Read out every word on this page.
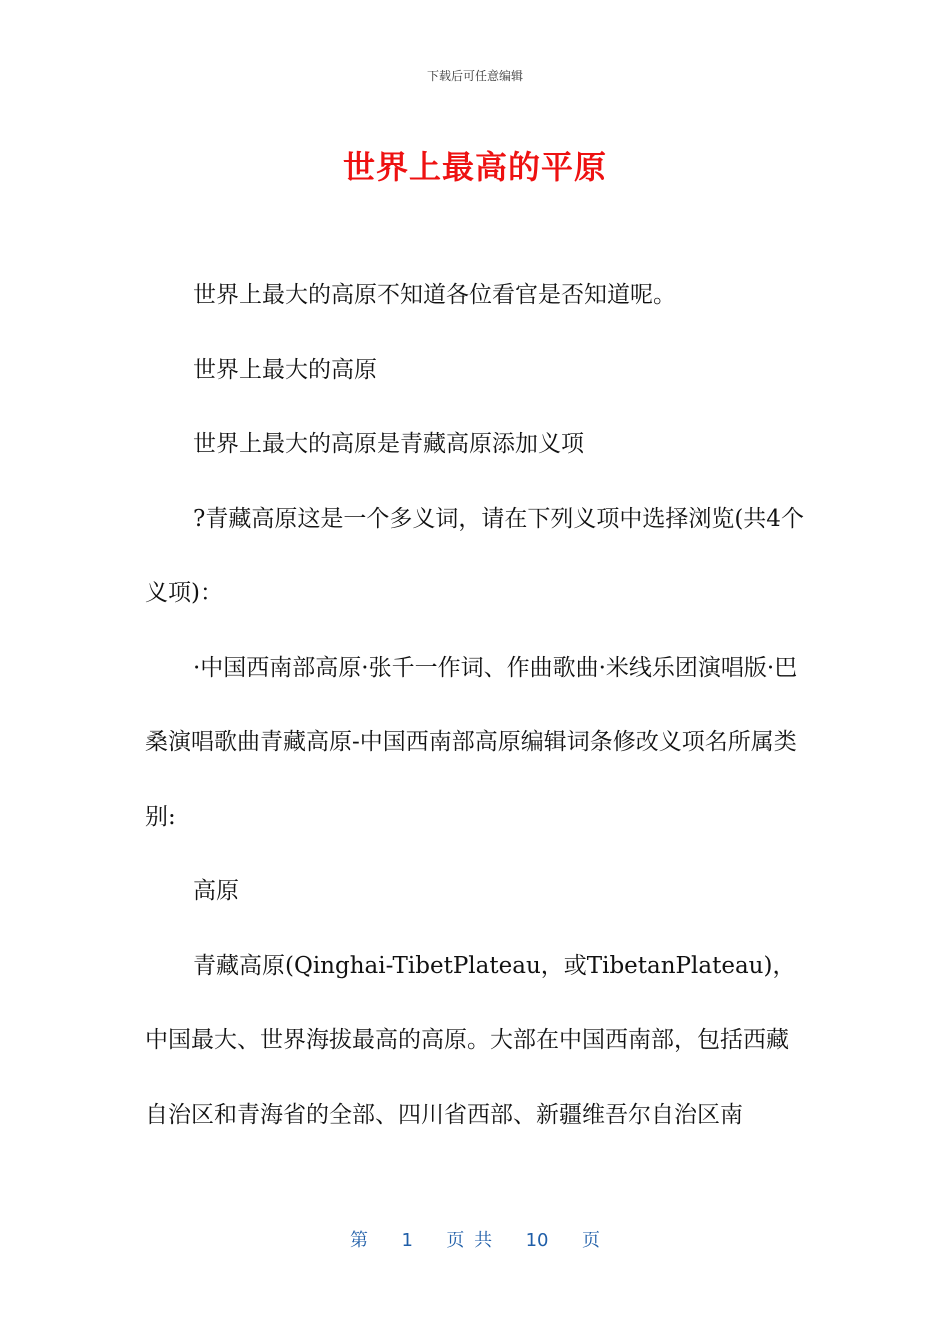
下载后可任意编辑
世界上最高的平原

世界上最大的高原不知道各位看官是否知道呢。

世界上最大的高原

世界上最大的高原是青藏高原添加义项

?青藏高原这是一个多义词，请在下列义项中选择浏览(共4个义项)：

·中国西南部高原·张千一作词、作曲歌曲·米线乐团演唱版·巴桑演唱歌曲青藏高原-中国西南部高原编辑词条修改义项名所属类别:

高原

青藏高原(Qinghai-TibetPlateau，或TibetanPlateau)，中国最大、世界海拔最高的高原。大部在中国西南部，包括西藏自治区和青海省的全部、四川省西部、新疆维吾尔自治区南

第 1 页 共 10 页
